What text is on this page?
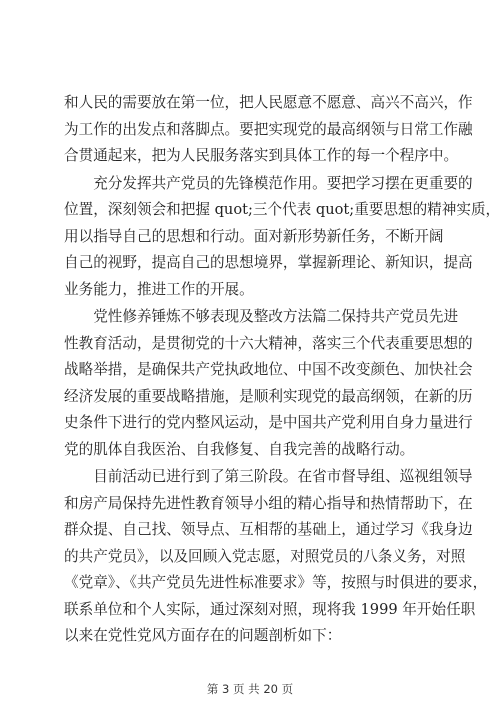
和人民的需要放在第一位，把人民愿意不愿意、高兴不高兴，作
为工作的出发点和落脚点。要把实现党的最高纲领与日常工作融
合贯通起来，把为人民服务落实到具体工作的每一个程序中。
　　充分发挥共产党员的先锋模范作用。要把学习摆在更重要的
位置，深刻领会和把握 quot;三个代表 quot;重要思想的精神实质，
用以指导自己的思想和行动。面对新形势新任务，不断开阔
自己的视野，提高自己的思想境界，掌握新理论、新知识，提高
业务能力，推进工作的开展。
　　党性修养锤炼不够表现及整改方法篇二保持共产党员先进
性教育活动，是贯彻党的十六大精神，落实三个代表重要思想的
战略举措，是确保共产党执政地位、中国不改变颜色、加快社会
经济发展的重要战略措施，是顺利实现党的最高纲领，在新的历
史条件下进行的党内整风运动，是中国共产党利用自身力量进行
党的肌体自我医治、自我修复、自我完善的战略行动。
　　目前活动已进行到了第三阶段。在省市督导组、巡视组领导
和房产局保持先进性教育领导小组的精心指导和热情帮助下，在
群众提、自己找、领导点、互相帮的基础上，通过学习《我身边
的共产党员》，以及回顾入党志愿，对照党员的八条义务，对照
《党章》、《共产党员先进性标准要求》等，按照与时俱进的要求，
联系单位和个人实际，通过深刻对照，现将我 1999 年开始任职
以来在党性党风方面存在的问题剖析如下：
第 3 页 共 20 页
